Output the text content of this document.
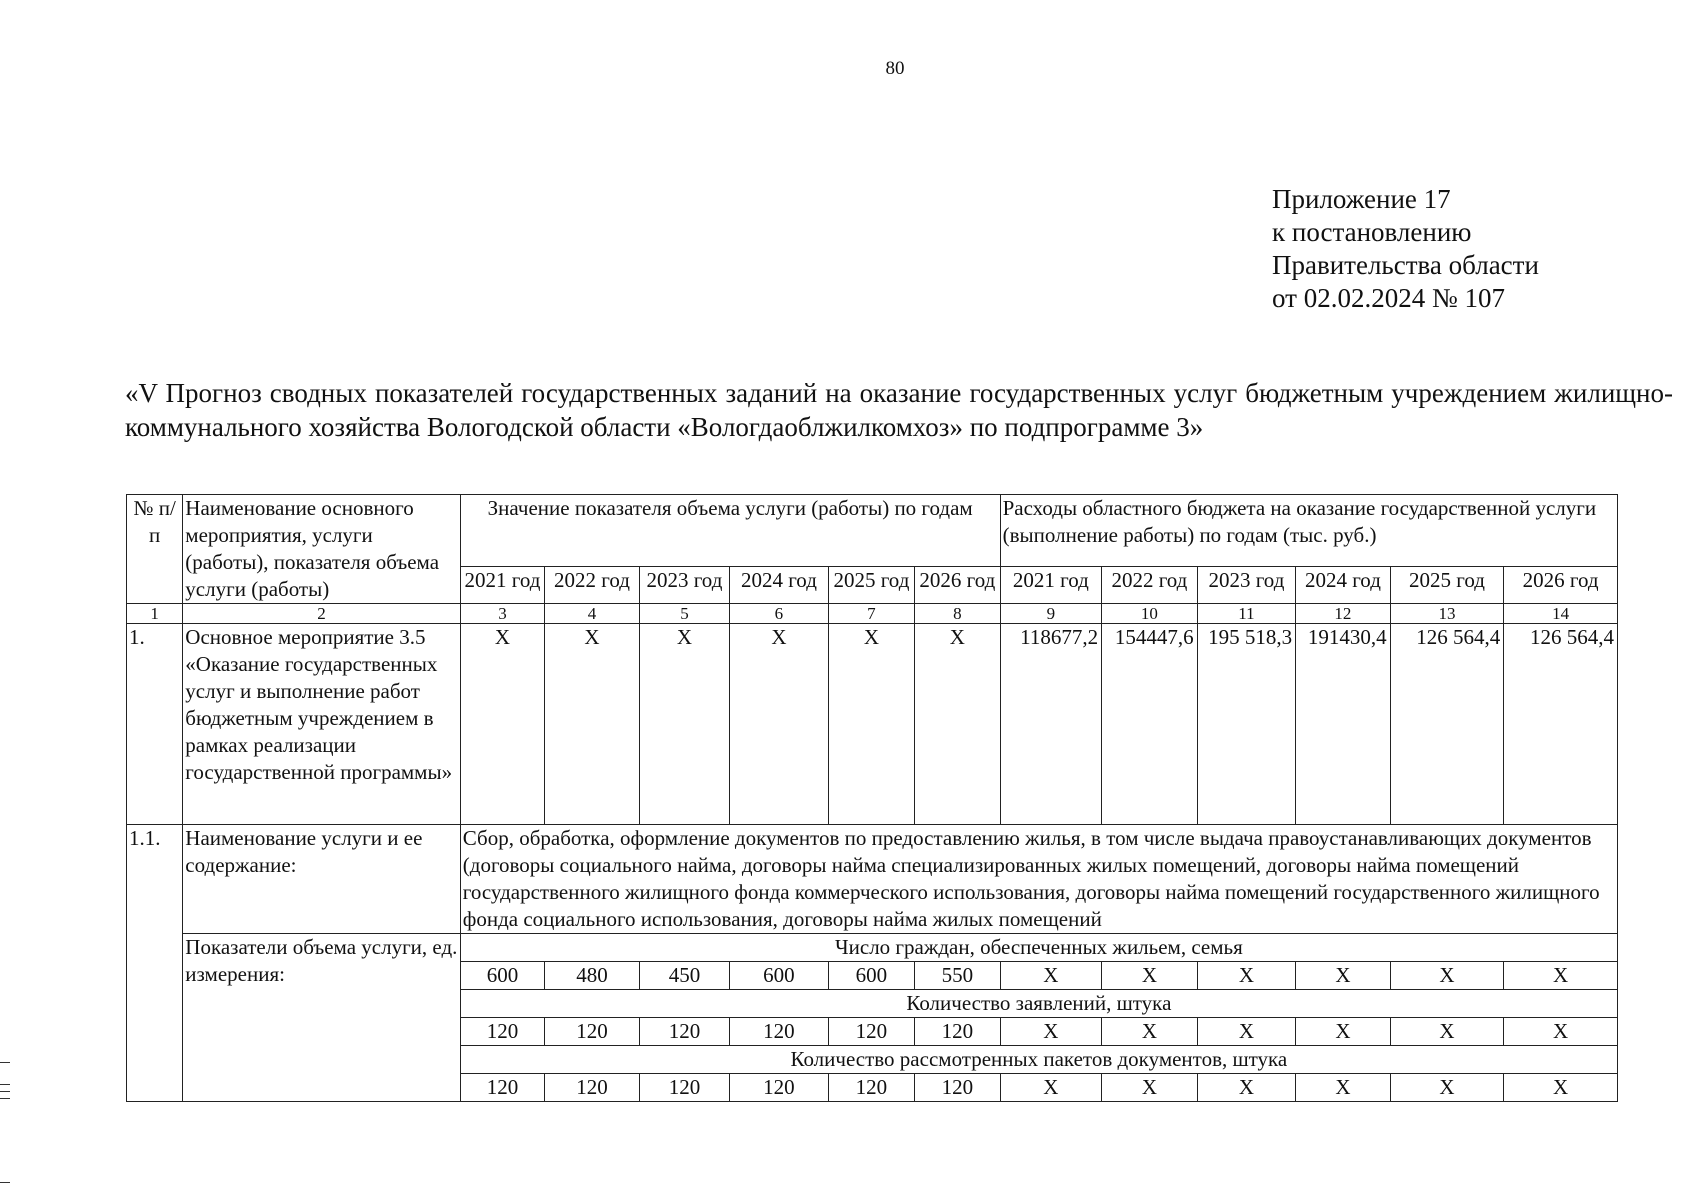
80
Приложение 17
к постановлению
Правительства области
от 02.02.2024 № 107
«V Прогноз сводных показателей государственных заданий на оказание государственных услуг бюджетным учреждением жилищно-коммунального хозяйства Вологодской области «Вологдаоблжилкомхоз» по подпрограмме 3»
№ п/п	Наименование основного мероприятия, услуги (работы), показателя объема услуги (работы)	Значение показателя объема услуги (работы) по годам						Расходы областного бюджета на оказание государственной услуги (выполнение работы) по годам (тыс. руб.)					
		2021 год	2022 год	2023 год	2024 год	2025 год	2026 год	2021 год	2022 год	2023 год	2024 год	2025 год	2026 год
1	2	3	4	5	6	7	8	9	10	11	12	13	14
1.	Основное мероприятие 3.5 «Оказание государственных услуг и выполнение работ бюджетным учреждением в рамках реализации государственной программы»	X	X	X	X	X	X	118677,2	154447,6	195 518,3	191430,4	126 564,4	126 564,4
1.1.	Наименование услуги и ее содержание:	Сбор, обработка, оформление документов по предоставлению жилья, в том числе выдача правоустанавливающих документов (договоры социального найма, договоры найма специализированных жилых помещений, договоры найма помещений государственного жилищного фонда коммерческого использования, договоры найма помещений государственного жилищного фонда социального использования, договоры найма жилых помещений											
	Показатели объема услуги, ед. измерения:	Число граждан, обеспеченных жильем, семья											
		600	480	450	600	600	550	X	X	X	X	X	X
		Количество заявлений, штука											
		120	120	120	120	120	120	X	X	X	X	X	X
		Количество рассмотренных пакетов документов, штука											
		120	120	120	120	120	120	X	X	X	X	X	X
